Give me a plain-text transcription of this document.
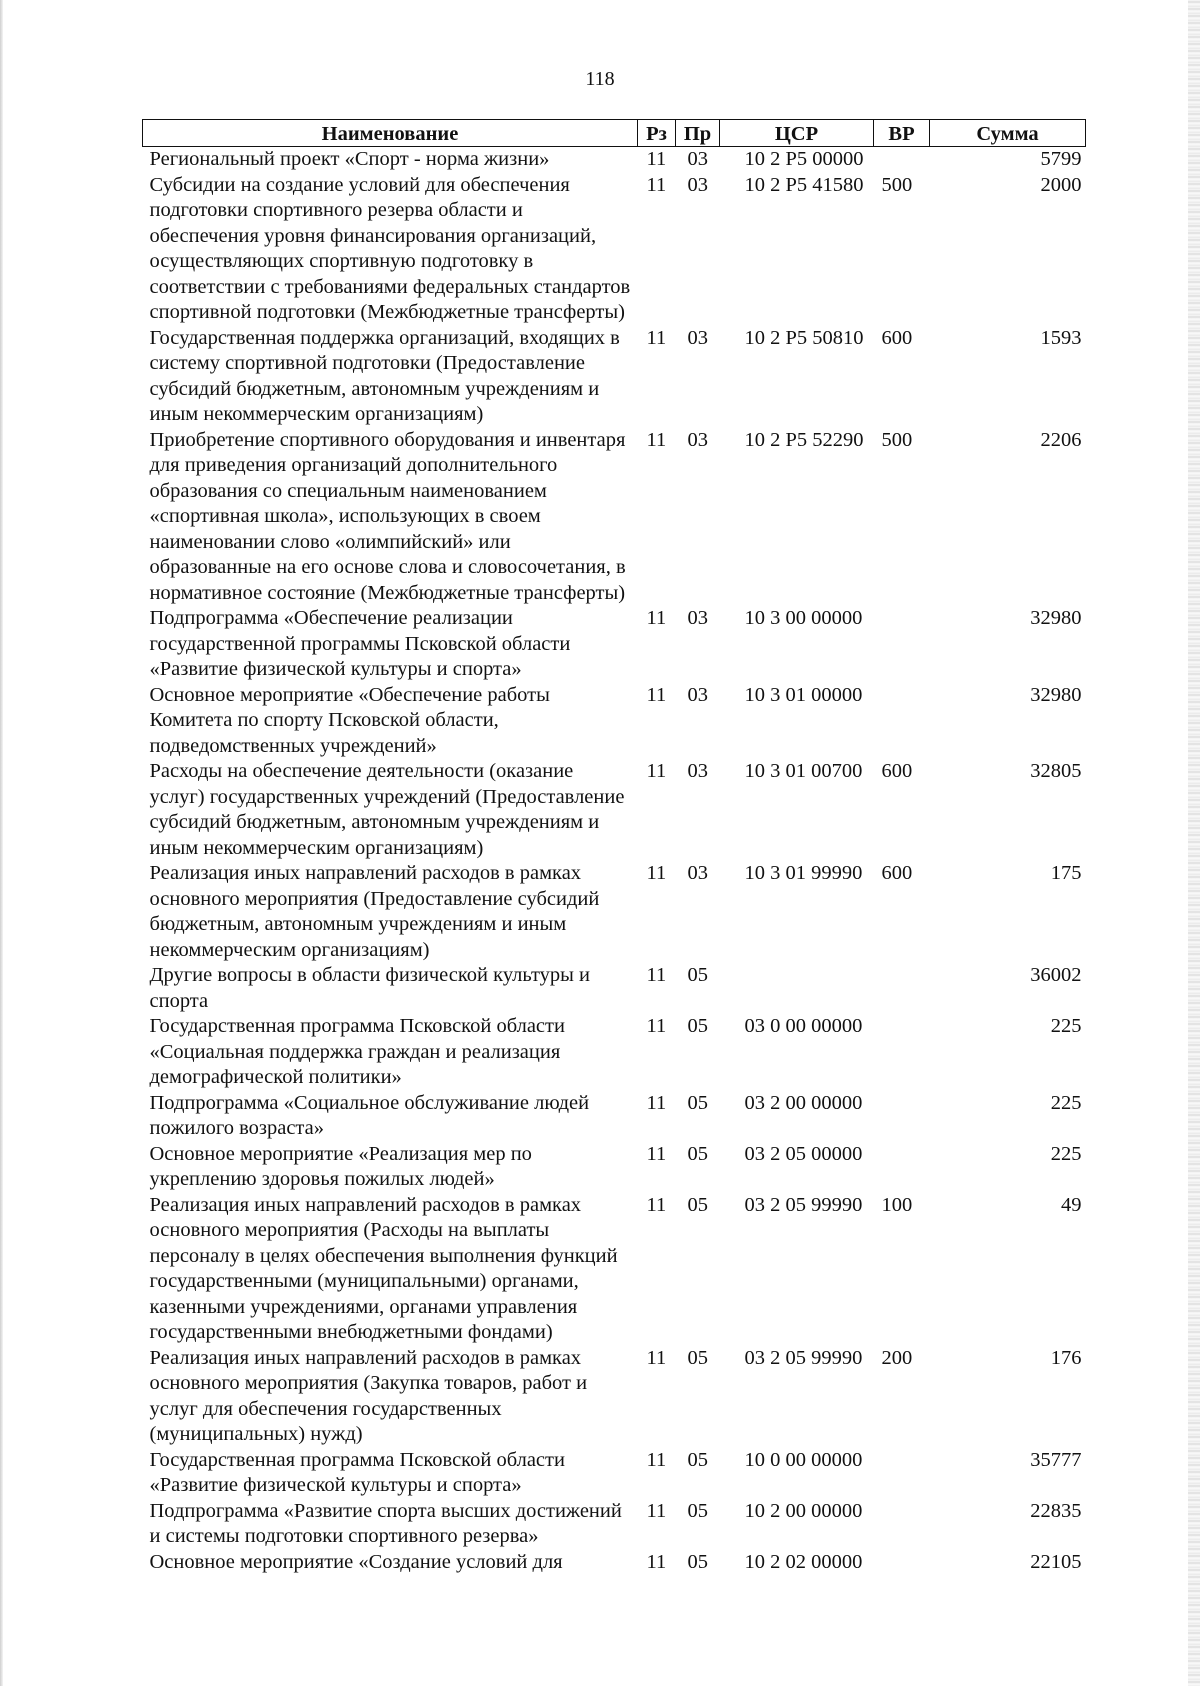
118
Наименование	Рз	Пр	ЦСР	ВР	Сумма
Региональный проект «Спорт - норма жизни»	11	03	10 2 P5 00000		5799
Субсидии на создание условий для обеспечения подготовки спортивного резерва области и обеспечения уровня финансирования организаций, осуществляющих спортивную подготовку в соответствии с требованиями федеральных стандартов спортивной подготовки (Межбюджетные трансферты)	11	03	10 2 P5 41580	500	2000
Государственная поддержка организаций, входящих в систему спортивной подготовки (Предоставление субсидий бюджетным, автономным учреждениям и иным некоммерческим организациям)	11	03	10 2 P5 50810	600	1593
Приобретение спортивного оборудования и инвентаря для приведения организаций дополнительного образования со специальным наименованием «спортивная школа», использующих в своем наименовании слово «олимпийский» или образованные на его основе слова и словосочетания, в нормативное состояние (Межбюджетные трансферты)	11	03	10 2 P5 52290	500	2206
Подпрограмма «Обеспечение реализации государственной программы Псковской области «Развитие физической культуры и спорта»	11	03	10 3 00 00000		32980
Основное мероприятие «Обеспечение работы Комитета по спорту Псковской области, подведомственных учреждений»	11	03	10 3 01 00000		32980
Расходы на обеспечение деятельности (оказание услуг) государственных учреждений (Предоставление субсидий бюджетным, автономным учреждениям и иным некоммерческим организациям)	11	03	10 3 01 00700	600	32805
Реализация иных направлений расходов в рамках основного мероприятия (Предоставление субсидий бюджетным, автономным учреждениям и иным некоммерческим организациям)	11	03	10 3 01 99990	600	175
Другие вопросы в области физической культуры и спорта	11	05			36002
Государственная программа Псковской области «Социальная поддержка граждан и реализация демографической политики»	11	05	03 0 00 00000		225
Подпрограмма «Социальное обслуживание людей пожилого возраста»	11	05	03 2 00 00000		225
Основное мероприятие «Реализация мер по укреплению здоровья пожилых людей»	11	05	03 2 05 00000		225
Реализация иных направлений расходов в рамках основного мероприятия (Расходы на выплаты персоналу в целях обеспечения выполнения функций государственными (муниципальными) органами, казенными учреждениями, органами управления государственными внебюджетными фондами)	11	05	03 2 05 99990	100	49
Реализация иных направлений расходов в рамках основного мероприятия (Закупка товаров, работ и услуг для обеспечения государственных (муниципальных) нужд)	11	05	03 2 05 99990	200	176
Государственная программа Псковской области «Развитие физической культуры и спорта»	11	05	10 0 00 00000		35777
Подпрограмма «Развитие спорта высших достижений и системы подготовки спортивного резерва»	11	05	10 2 00 00000		22835
Основное мероприятие «Создание условий для	11	05	10 2 02 00000		22105
